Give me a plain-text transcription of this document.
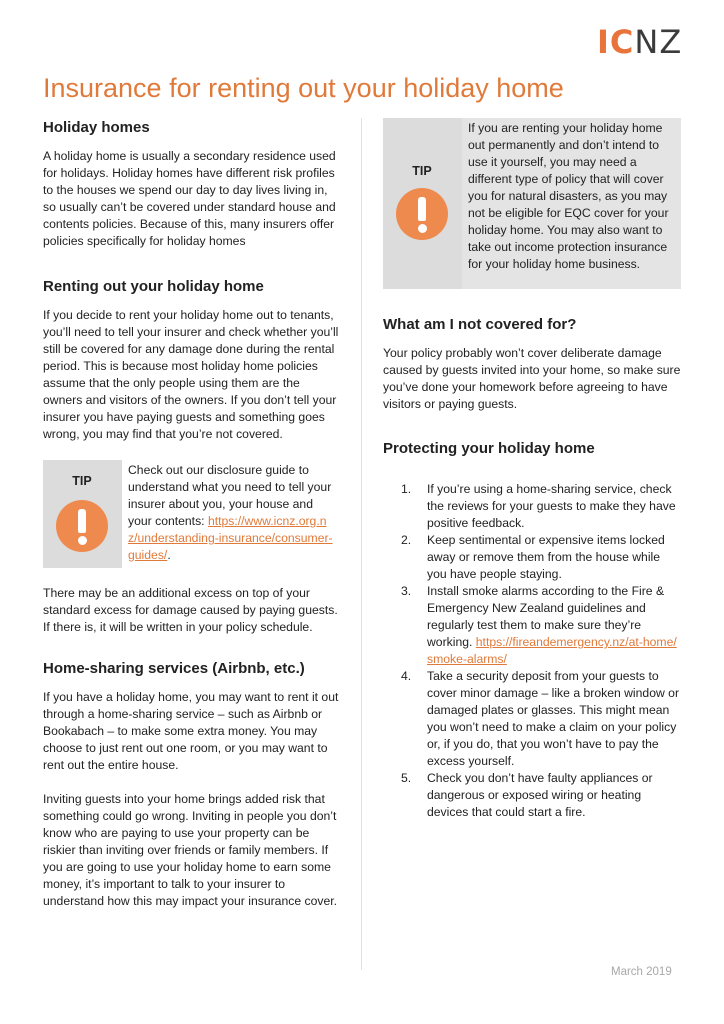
ICNZ
Insurance for renting out your holiday home
Holiday homes

A holiday home is usually a secondary residence used for holidays. Holiday homes have different risk profiles to the houses we spend our day to day lives living in, so usually can’t be covered under standard house and contents policies. Because of this, many insurers offer policies specifically for holiday homes

Renting out your holiday home

If you decide to rent your holiday home out to tenants, you’ll need to tell your insurer and check whether you’ll still be covered for any damage done during the rental period. This is because most holiday home policies assume that the only people using them are the owners and visitors of the owners. If you don’t tell your insurer you have paying guests and something goes wrong, you may find that you’re not covered.

TIP

Check out our disclosure guide to understand what you need to tell your insurer about you, your house and your contents: https://www.icnz.org.nz/understanding-insurance/consumer-guides/.

There may be an additional excess on top of your standard excess for damage caused by paying guests. If there is, it will be written in your policy schedule.

Home-sharing services (Airbnb, etc.)

If you have a holiday home, you may want to rent it out through a home-sharing service – such as Airbnb or Bookabach – to make some extra money. You may choose to just rent out one room, or you may want to rent out the entire house.

Inviting guests into your home brings added risk that something could go wrong. Inviting in people you don’t know who are paying to use your property can be riskier than inviting over friends or family members. If you are going to use your holiday home to earn some money, it’s important to talk to your insurer to understand how this may impact your insurance cover.

TIP

If you are renting your holiday home out permanently and don’t intend to use it yourself, you may need a different type of policy that will cover you for natural disasters, as you may not be eligible for EQC cover for your holiday home. You may also want to take out income protection insurance for your holiday home business.

What am I not covered for?

Your policy probably won’t cover deliberate damage caused by guests invited into your home, so make sure you’ve done your homework before agreeing to have visitors or paying guests.

Protecting your holiday home
1. If you’re using a home-sharing service, check the reviews for your guests to make they have positive feedback.
2. Keep sentimental or expensive items locked away or remove them from the house while you have people staying.
3. Install smoke alarms according to the Fire & Emergency New Zealand guidelines and regularly test them to make sure they’re working. https://fireandemergency.nz/at-home/smoke-alarms/
4. Take a security deposit from your guests to cover minor damage – like a broken window or damaged plates or glasses. This might mean you won’t need to make a claim on your policy or, if you do, that you won’t have to pay the excess yourself.
5. Check you don’t have faulty appliances or dangerous or exposed wiring or heating devices that could start a fire.
March 2019
